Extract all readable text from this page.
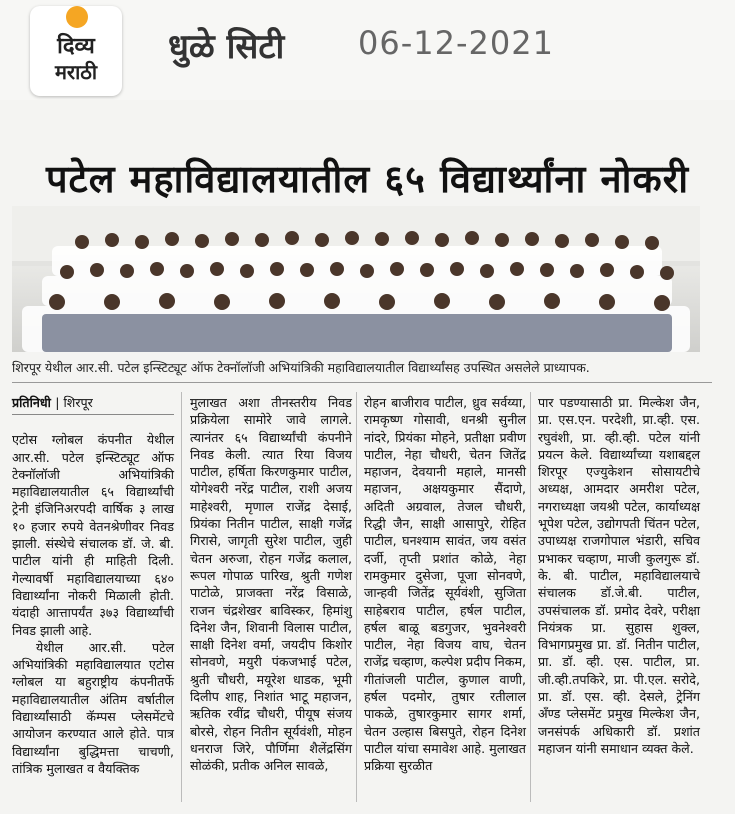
दिव्य
मराठी
धुळे सिटी 06-12-2021
पटेल महाविद्यालयातील ६५ विद्यार्थ्यांना नोकरी
शिरपूर येथील आर.सी. पटेल इन्स्टिट्यूट ऑफ टेक्नॉलॉजी अभियांत्रिकी महाविद्यालयातील विद्यार्थ्यांसह उपस्थित असलेले प्राध्यापक.
प्रतिनिधी | शिरपूर

एटोस ग्लोबल कंपनीत येथील आर.सी. पटेल इन्स्टिट्यूट ऑफ टेक्नॉलॉजी अभियांत्रिकी महाविद्यालयातील ६५ विद्यार्थ्यांची ट्रेनी इंजिनिअरपदी वार्षिक ३ लाख १० हजार रुपये वेतनश्रेणीवर निवड झाली. संस्थेचे संचालक डॉ. जे. बी. पाटील यांनी ही माहिती दिली. गेल्यावर्षी महाविद्यालयाच्या ६४० विद्यार्थ्यांना नोकरी मिळाली होती. यंदाही आत्तापर्यंत ३७३ विद्यार्थ्यांची निवड झाली आहे.

येथील आर.सी. पटेल अभियांत्रिकी महाविद्यालयात एटोस ग्लोबल या बहुराष्ट्रीय कंपनीतर्फे महाविद्यालयातील अंतिम वर्षातील विद्यार्थ्यांसाठी कॅम्पस प्लेसमेंटचे आयोजन करण्यात आले होते. पात्र विद्यार्थ्यांना बुद्धिमत्ता चाचणी, तांत्रिक मुलाखत व वैयक्तिक

मुलाखत अशा तीनस्तरीय निवड प्रक्रियेला सामोरे जावे लागले. त्यानंतर ६५ विद्यार्थ्यांची कंपनीने निवड केली. त्यात रिया विजय पाटील, हर्षिता किरणकुमार पाटील, योगेश्वरी नरेंद्र पाटील, राशी अजय माहेश्वरी, मृणाल राजेंद्र देसाई, प्रियंका नितीन पाटील, साक्षी गजेंद्र गिरासे, जागृती सुरेश पाटील, जुही चेतन अरुजा, रोहन गजेंद्र कलाल, रूपल गोपाळ पारिख, श्रुती गणेश पाटोळे, प्राजक्ता नरेंद्र विसाळे, राजन चंद्रशेखर बाविस्कर, हिमांशु दिनेश जैन, शिवानी विलास पाटील, साक्षी दिनेश वर्मा, जयदीप किशोर सोनवणे, मयुरी पंकजभाई पटेल, श्रुती चौधरी, मयूरेश धाडक, भूमी दिलीप शाह, निशांत भाटू महाजन, ऋतिक रवींद्र चौधरी, पीयूष संजय बोरसे, रोहन नितीन सूर्यवंशी, मोहन धनराज जिरे, पौर्णिमा शैलेंद्रसिंग सोळंकी, प्रतीक अनिल सावळे,
रोहन बाजीराव पाटील, ध्रुव सर्वय्या, रामकृष्ण गोसावी, धनश्री सुनील नांदरे, प्रियंका मोहने, प्रतीक्षा प्रवीण पाटील, नेहा चौधरी, चेतन जितेंद्र महाजन, देवयानी महाले, मानसी महाजन, अक्षयकुमार सैंदाणे, अदिती अग्रवाल, तेजल चौधरी, रिद्धी जैन, साक्षी आसापुरे, रोहित पाटील, घनश्याम सावंत, जय वसंत दर्जी, तृप्ती प्रशांत कोळे, नेहा रामकुमार दुसेजा, पूजा सोनवणे, जान्हवी जितेंद्र सूर्यवंशी, सुजिता साहेबराव पाटील, हर्षल पाटील, हर्षल बाळू बडगुजर, भुवनेश्वरी पाटील, नेहा विजय वाघ, चेतन राजेंद्र चव्हाण, कल्पेश प्रदीप निकम, गीतांजली पाटील, कुणाल वाणी, हर्षल पदमोर, तुषार रतीलाल पाकळे, तुषारकुमार सागर शर्मा, चेतन उल्हास बिसपुते, रोहन दिनेश पाटील यांचा समावेश आहे. मुलाखत प्रक्रिया सुरळीत
पार पडण्यासाठी प्रा. मिल्केश जैन, प्रा. एस.एन. परदेशी, प्रा.व्ही. एस. रघुवंशी, प्रा. व्ही.व्ही. पटेल यांनी प्रयत्न केले. विद्यार्थ्यांच्या यशाबद्दल शिरपूर एज्युकेशन सोसायटीचे अध्यक्ष, आमदार अमरीश पटेल, नगराध्यक्षा जयश्री पटेल, कार्याध्यक्ष भूपेश पटेल, उद्योगपती चिंतन पटेल, उपाध्यक्ष राजगोपाल भंडारी, सचिव प्रभाकर चव्हाण, माजी कुलगुरू डॉ. के. बी. पाटील, महाविद्यालयाचे संचालक डॉ.जे.बी. पाटील, उपसंचालक डॉ. प्रमोद देवरे, परीक्षा नियंत्रक प्रा. सुहास शुक्ल, विभागप्रमुख प्रा. डॉ. नितीन पाटील, प्रा. डॉ. व्ही. एस. पाटील, प्रा. जी.व्ही.तपकिरे, प्रा. पी.एल. सरोदे, प्रा. डॉ. एस. व्ही. देसले, ट्रेनिंग अँण्ड प्लेसमेंट प्रमुख मिल्केश जैन, जनसंपर्क अधिकारी डॉ. प्रशांत महाजन यांनी समाधान व्यक्त केले.
